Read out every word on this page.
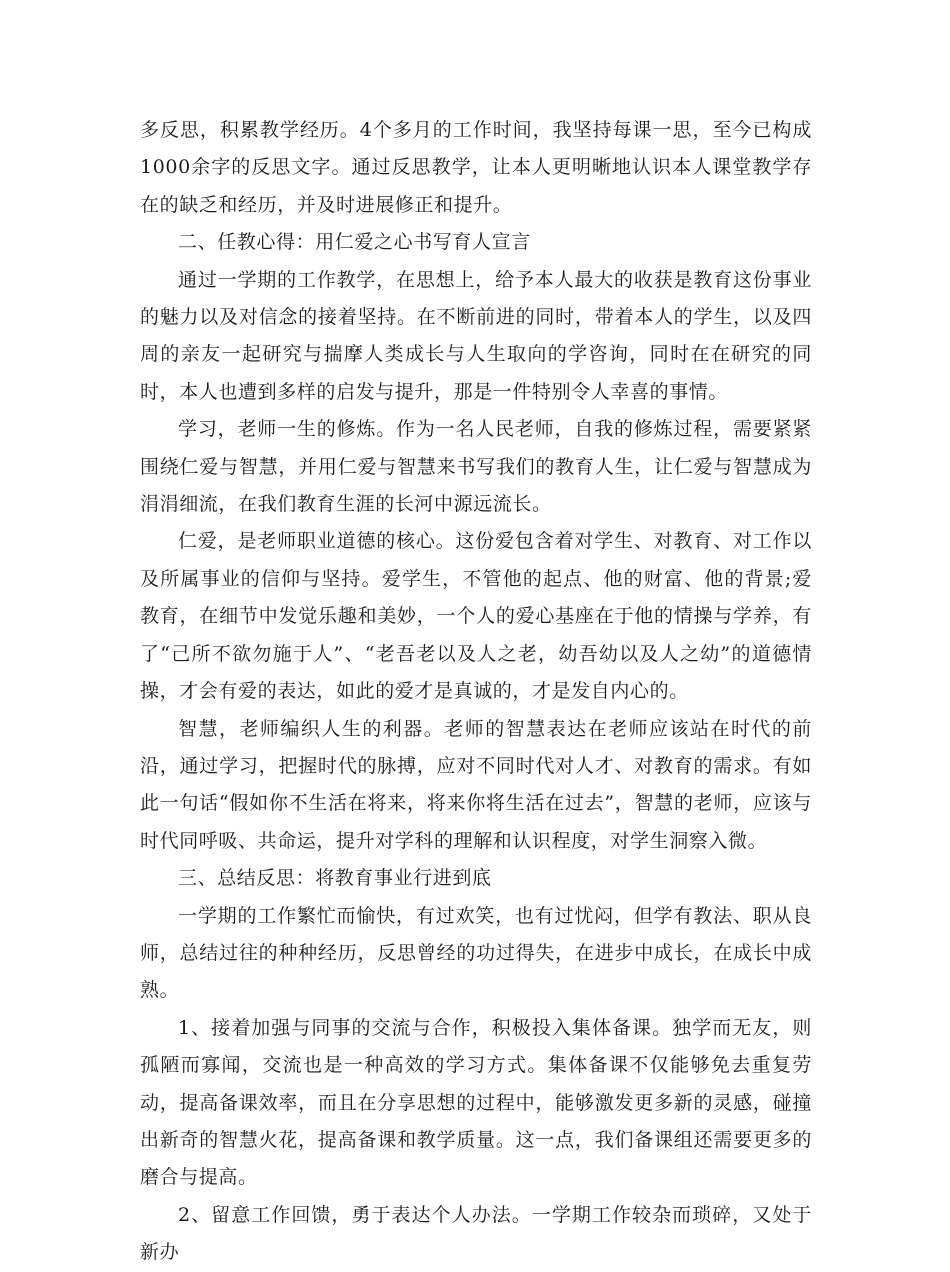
多反思，积累教学经历。4个多月的工作时间，我坚持每课一思，至今已构成1000余字的反思文字。通过反思教学，让本人更明晰地认识本人课堂教学存在的缺乏和经历，并及时进展修正和提升。

二、任教心得：用仁爱之心书写育人宣言

通过一学期的工作教学，在思想上，给予本人最大的收获是教育这份事业的魅力以及对信念的接着坚持。在不断前进的同时，带着本人的学生，以及四周的亲友一起研究与揣摩人类成长与人生取向的学咨询，同时在在研究的同时，本人也遭到多样的启发与提升，那是一件特别令人幸喜的事情。

学习，老师一生的修炼。作为一名人民老师，自我的修炼过程，需要紧紧围绕仁爱与智慧，并用仁爱与智慧来书写我们的教育人生，让仁爱与智慧成为涓涓细流，在我们教育生涯的长河中源远流长。

仁爱，是老师职业道德的核心。这份爱包含着对学生、对教育、对工作以及所属事业的信仰与坚持。爱学生，不管他的起点、他的财富、他的背景;爱教育，在细节中发觉乐趣和美妙，一个人的爱心基座在于他的情操与学养，有了“己所不欲勿施于人”、“老吾老以及人之老，幼吾幼以及人之幼”的道德情操，才会有爱的表达，如此的爱才是真诚的，才是发自内心的。

智慧，老师编织人生的利器。老师的智慧表达在老师应该站在时代的前沿，通过学习，把握时代的脉搏，应对不同时代对人才、对教育的需求。有如此一句话“假如你不生活在将来，将来你将生活在过去”，智慧的老师，应该与时代同呼吸、共命运，提升对学科的理解和认识程度，对学生洞察入微。

三、总结反思：将教育事业行进到底

一学期的工作繁忙而愉快，有过欢笑，也有过忧闷，但学有教法、职从良师，总结过往的种种经历，反思曾经的功过得失，在进步中成长，在成长中成熟。

1、接着加强与同事的交流与合作，积极投入集体备课。独学而无友，则孤陋而寡闻，交流也是一种高效的学习方式。集体备课不仅能够免去重复劳动，提高备课效率，而且在分享思想的过程中，能够激发更多新的灵感，碰撞出新奇的智慧火花，提高备课和教学质量。这一点，我们备课组还需要更多的磨合与提高。

2、留意工作回馈，勇于表达个人办法。一学期工作较杂而琐碎，又处于新办
